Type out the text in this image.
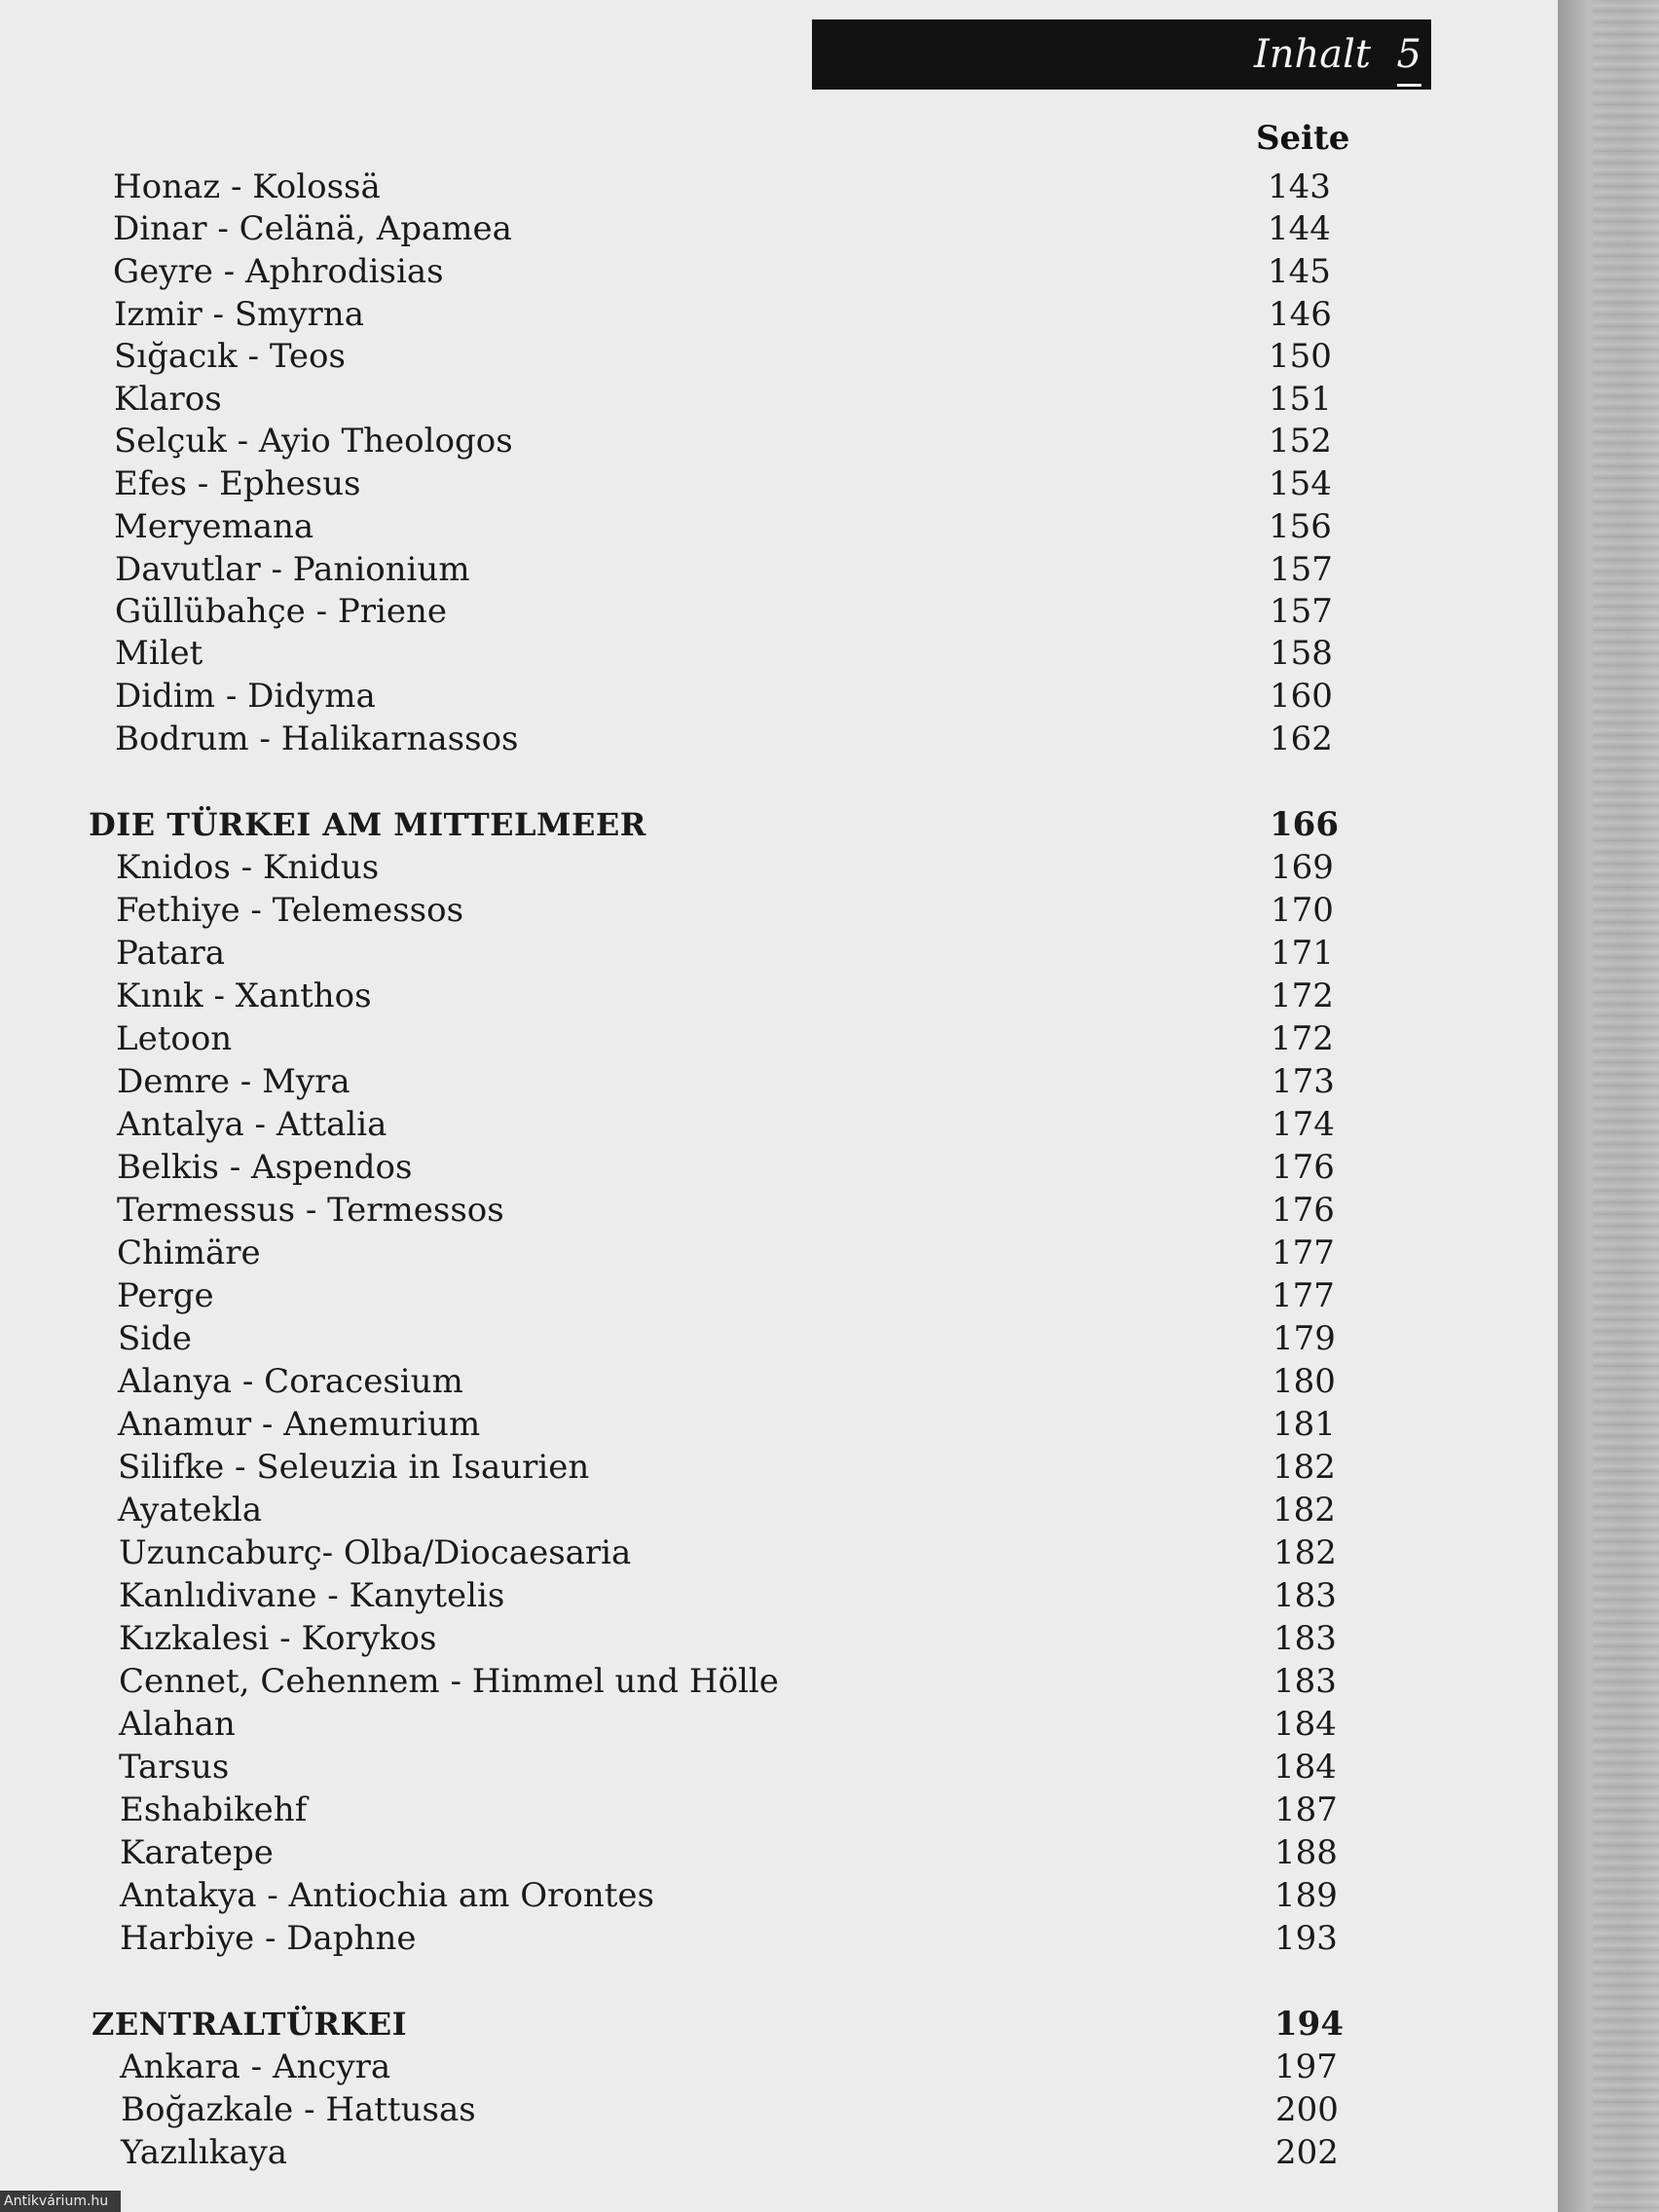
Inhalt 5
Seite
Honaz - Kolossä	143
Dinar - Celänä, Apamea	144
Geyre - Aphrodisias	145
Izmir - Smyrna	146
Sığacık - Teos	150
Klaros	151
Selçuk - Ayio Theologos	152
Efes - Ephesus	154
Meryemana	156
Davutlar - Panionium	157
Güllübahçe - Priene	157
Milet	158
Didim - Didyma	160
Bodrum - Halikarnassos	162
DIE TÜRKEI AM MITTELMEER	166
Knidos - Knidus	169
Fethiye - Telemessos	170
Patara	171
Kınık - Xanthos	172
Letoon	172
Demre - Myra	173
Antalya - Attalia	174
Belkis - Aspendos	176
Termessus - Termessos	176
Chimäre	177
Perge	177
Side	179
Alanya - Coracesium	180
Anamur - Anemurium	181
Silifke - Seleuzia in Isaurien	182
Ayatekla	182
Uzuncaburç- Olba/Diocaesaria	182
Kanlıdivane - Kanytelis	183
Kızkalesi - Korykos	183
Cennet, Cehennem - Himmel und Hölle	183
Alahan	184
Tarsus	184
Eshabikehf	187
Karatepe	188
Antakya - Antiochia am Orontes	189
Harbiye - Daphne	193
ZENTRALTÜRKEI	194
Ankara - Ancyra	197
Boğazkale - Hattusas	200
Yazılıkaya	202
Antikvárium.hu
